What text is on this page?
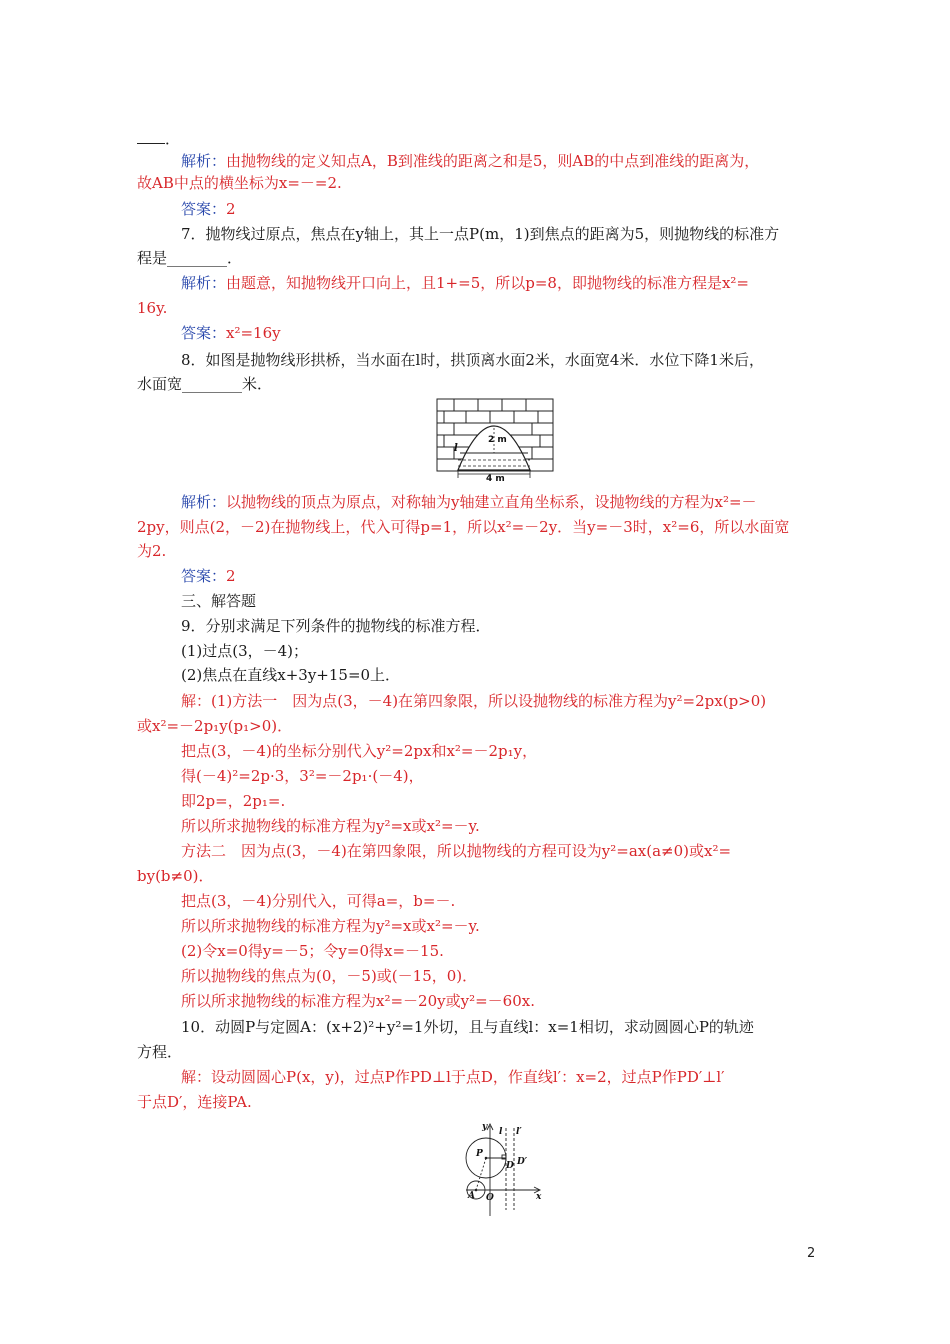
．
解析：由抛物线的定义知点A，B到准线的距离之和是5，则AB的中点到准线的距离为，
故AB中点的横坐标为x=－=2.
答案：2
7．抛物线过原点，焦点在y轴上，其上一点P(m，1)到焦点的距离为5，则抛物线的标准方
程是________．
解析：由题意，知抛物线开口向上，且1+=5，所以p=8，即抛物线的标准方程是x²=
16y.
答案：x²=16y
8．如图是抛物线形拱桥，当水面在l时，拱顶离水面2米，水面宽4米．水位下降1米后，
水面宽________米．
2 m
4 m
l
解析：以抛物线的顶点为原点，对称轴为y轴建立直角坐标系，设抛物线的方程为x²=－
2py，则点(2，－2)在抛物线上，代入可得p=1，所以x²=－2y．当y=－3时，x²=6，所以水面宽
为2.
答案：2
三、解答题
9．分别求满足下列条件的抛物线的标准方程．
(1)过点(3，－4)；
(2)焦点在直线x+3y+15=0上．
解：(1)方法一　因为点(3，－4)在第四象限，所以设抛物线的标准方程为y²=2px(p>0)
或x²=－2p₁y(p₁>0)．
把点(3，－4)的坐标分别代入y²=2px和x²=－2p₁y，
得(－4)²=2p·3，3²=－2p₁·(－4)，
即2p=，2p₁=.
所以所求抛物线的标准方程为y²=x或x²=－y.
方法二　因为点(3，－4)在第四象限，所以抛物线的方程可设为y²=ax(a≠0)或x²=
by(b≠0)．
把点(3，－4)分别代入，可得a=，b=－.
所以所求抛物线的标准方程为y²=x或x²=－y.
(2)令x=0得y=－5；令y=0得x=－15.
所以抛物线的焦点为(0，－5)或(－15，0)．
所以所求抛物线的标准方程为x²=－20y或y²=－60x.
10．动圆P与定圆A：(x+2)²+y²=1外切，且与直线l：x=1相切，求动圆圆心P的轨迹
方程．
解：设动圆圆心P(x，y)，过点P作PD⊥l于点D，作直线l′：x=2，过点P作PD′⊥l′
于点D′，连接PA.
y
x
l l′
P
D D′
A O
2
